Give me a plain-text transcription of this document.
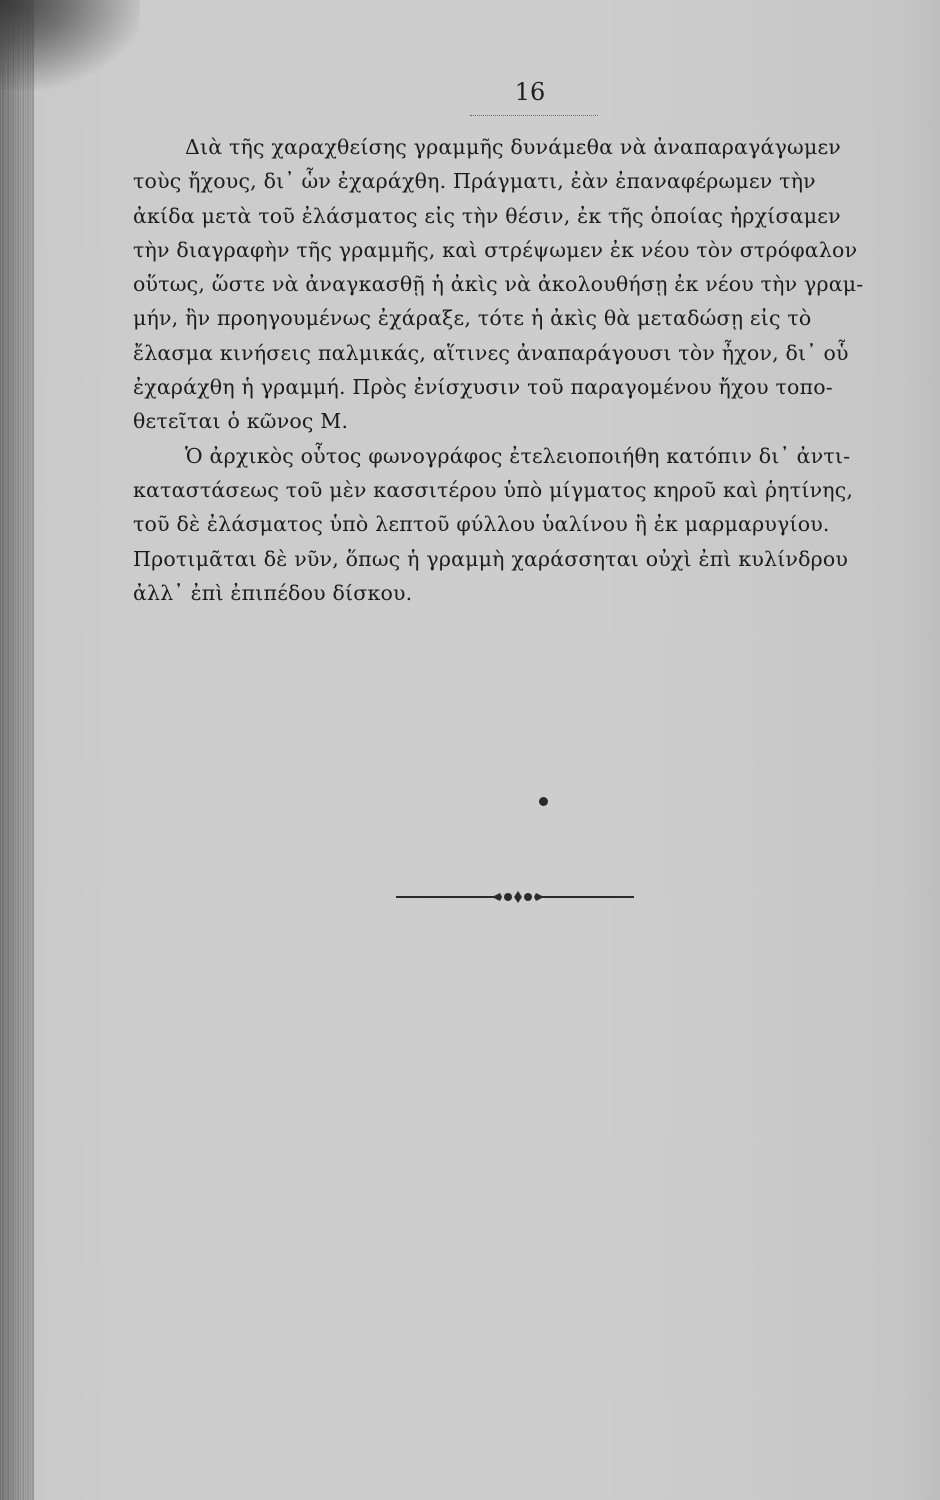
16
Διὰ τῆς χαραχθείσης γραμμῆς δυνάμεθα νὰ ἀναπαραγάγωμεν
τοὺς ἤχους, δι᾽ ὧν ἐχαράχθη. Πράγματι, ἐὰν ἐπαναφέρωμεν τὴν
ἀκίδα μετὰ τοῦ ἐλάσματος εἰς τὴν θέσιν, ἐκ τῆς ὁποίας ἠρχίσαμεν
τὴν διαγραφὴν τῆς γραμμῆς, καὶ στρέψωμεν ἐκ νέου τὸν στρόφαλον
οὕτως, ὥστε νὰ ἀναγκασθῇ ἡ ἀκὶς νὰ ἀκολουθήσῃ ἐκ νέου τὴν γραμ-
μήν, ἣν προηγουμένως ἐχάραξε, τότε ἡ ἀκὶς θὰ μεταδώσῃ εἰς τὸ
ἔλασμα κινήσεις παλμικάς, αἵτινες ἀναπαράγουσι τὸν ἦχον, δι᾽ οὗ
ἐχαράχθη ἡ γραμμή. Πρὸς ἐνίσχυσιν τοῦ παραγομένου ἤχου τοπο-
θετεῖται ὁ κῶνος Μ.
Ὁ ἀρχικὸς οὗτος φωνογράφος ἐτελειοποιήθη κατόπιν δι᾽ ἀντι-
καταστάσεως τοῦ μὲν κασσιτέρου ὑπὸ μίγματος κηροῦ καὶ ῥητίνης,
τοῦ δὲ ἐλάσματος ὑπὸ λεπτοῦ φύλλου ὑαλίνου ἢ ἐκ μαρμαρυγίου.
Προτιμᾶται δὲ νῦν, ὅπως ἡ γραμμὴ χαράσσηται οὐχὶ ἐπὶ κυλίνδρου
ἀλλ᾽ ἐπὶ ἐπιπέδου δίσκου.
